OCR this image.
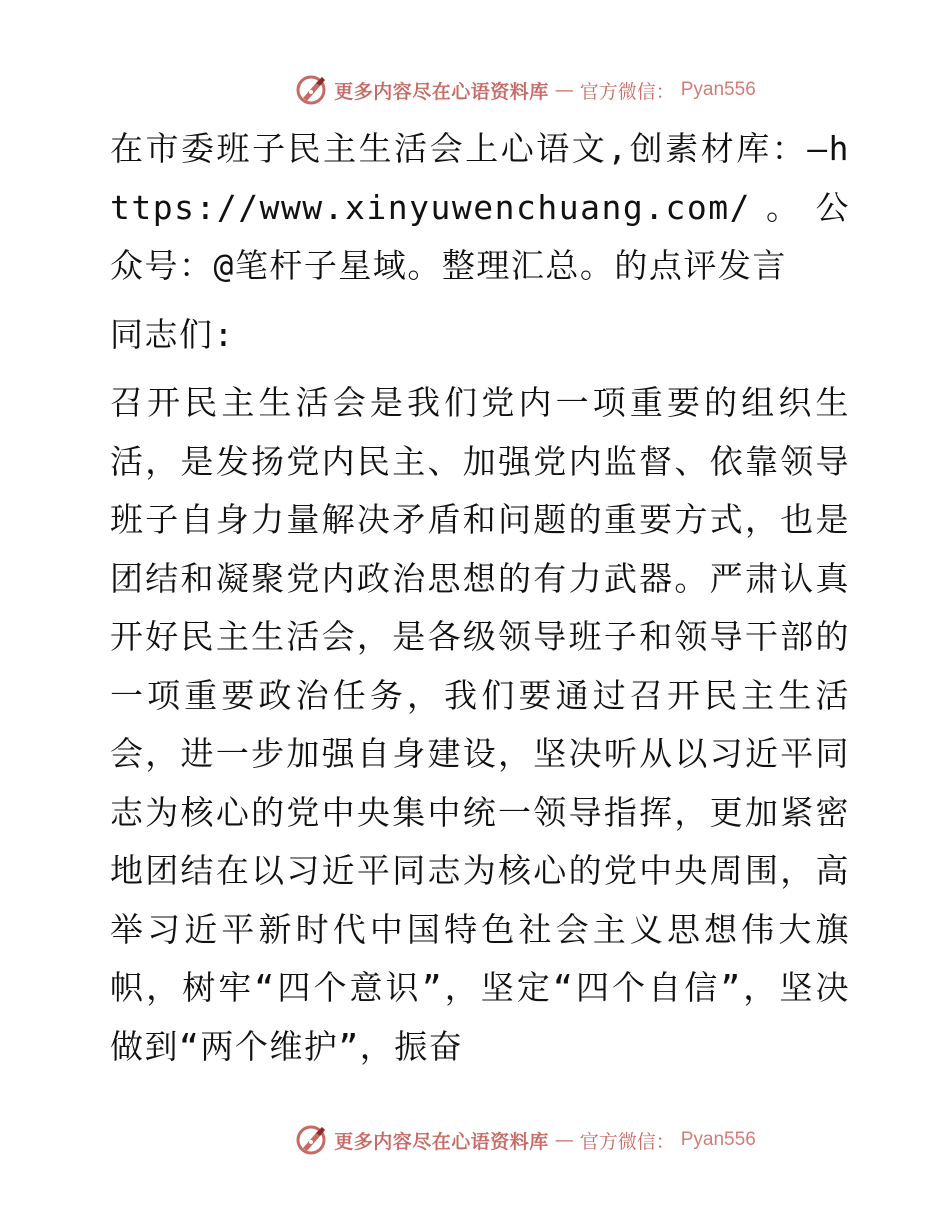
更多内容尽在心语资料库 — 官方微信： Pyan556

在市委班子民主生活会上心语文,创素材库：—https://www.xinyuwenchuang.com/。公众号：@笔杆子星域。整理汇总。的点评发言

同志们:

召开民主生活会是我们党内一项重要的组织生活，是发扬党内民主、加强党内监督、依靠领导班子自身力量解决矛盾和问题的重要方式，也是团结和凝聚党内政治思想的有力武器。严肃认真开好民主生活会，是各级领导班子和领导干部的一项重要政治任务，我们要通过召开民主生活会，进一步加强自身建设，坚决听从以习近平同志为核心的党中央集中统一领导指挥，更加紧密地团结在以习近平同志为核心的党中央周围，高举习近平新时代中国特色社会主义思想伟大旗帜，树牢“四个意识”，坚定“四个自信”，坚决做到“两个维护”，振奋

更多内容尽在心语资料库 — 官方微信： Pyan556
